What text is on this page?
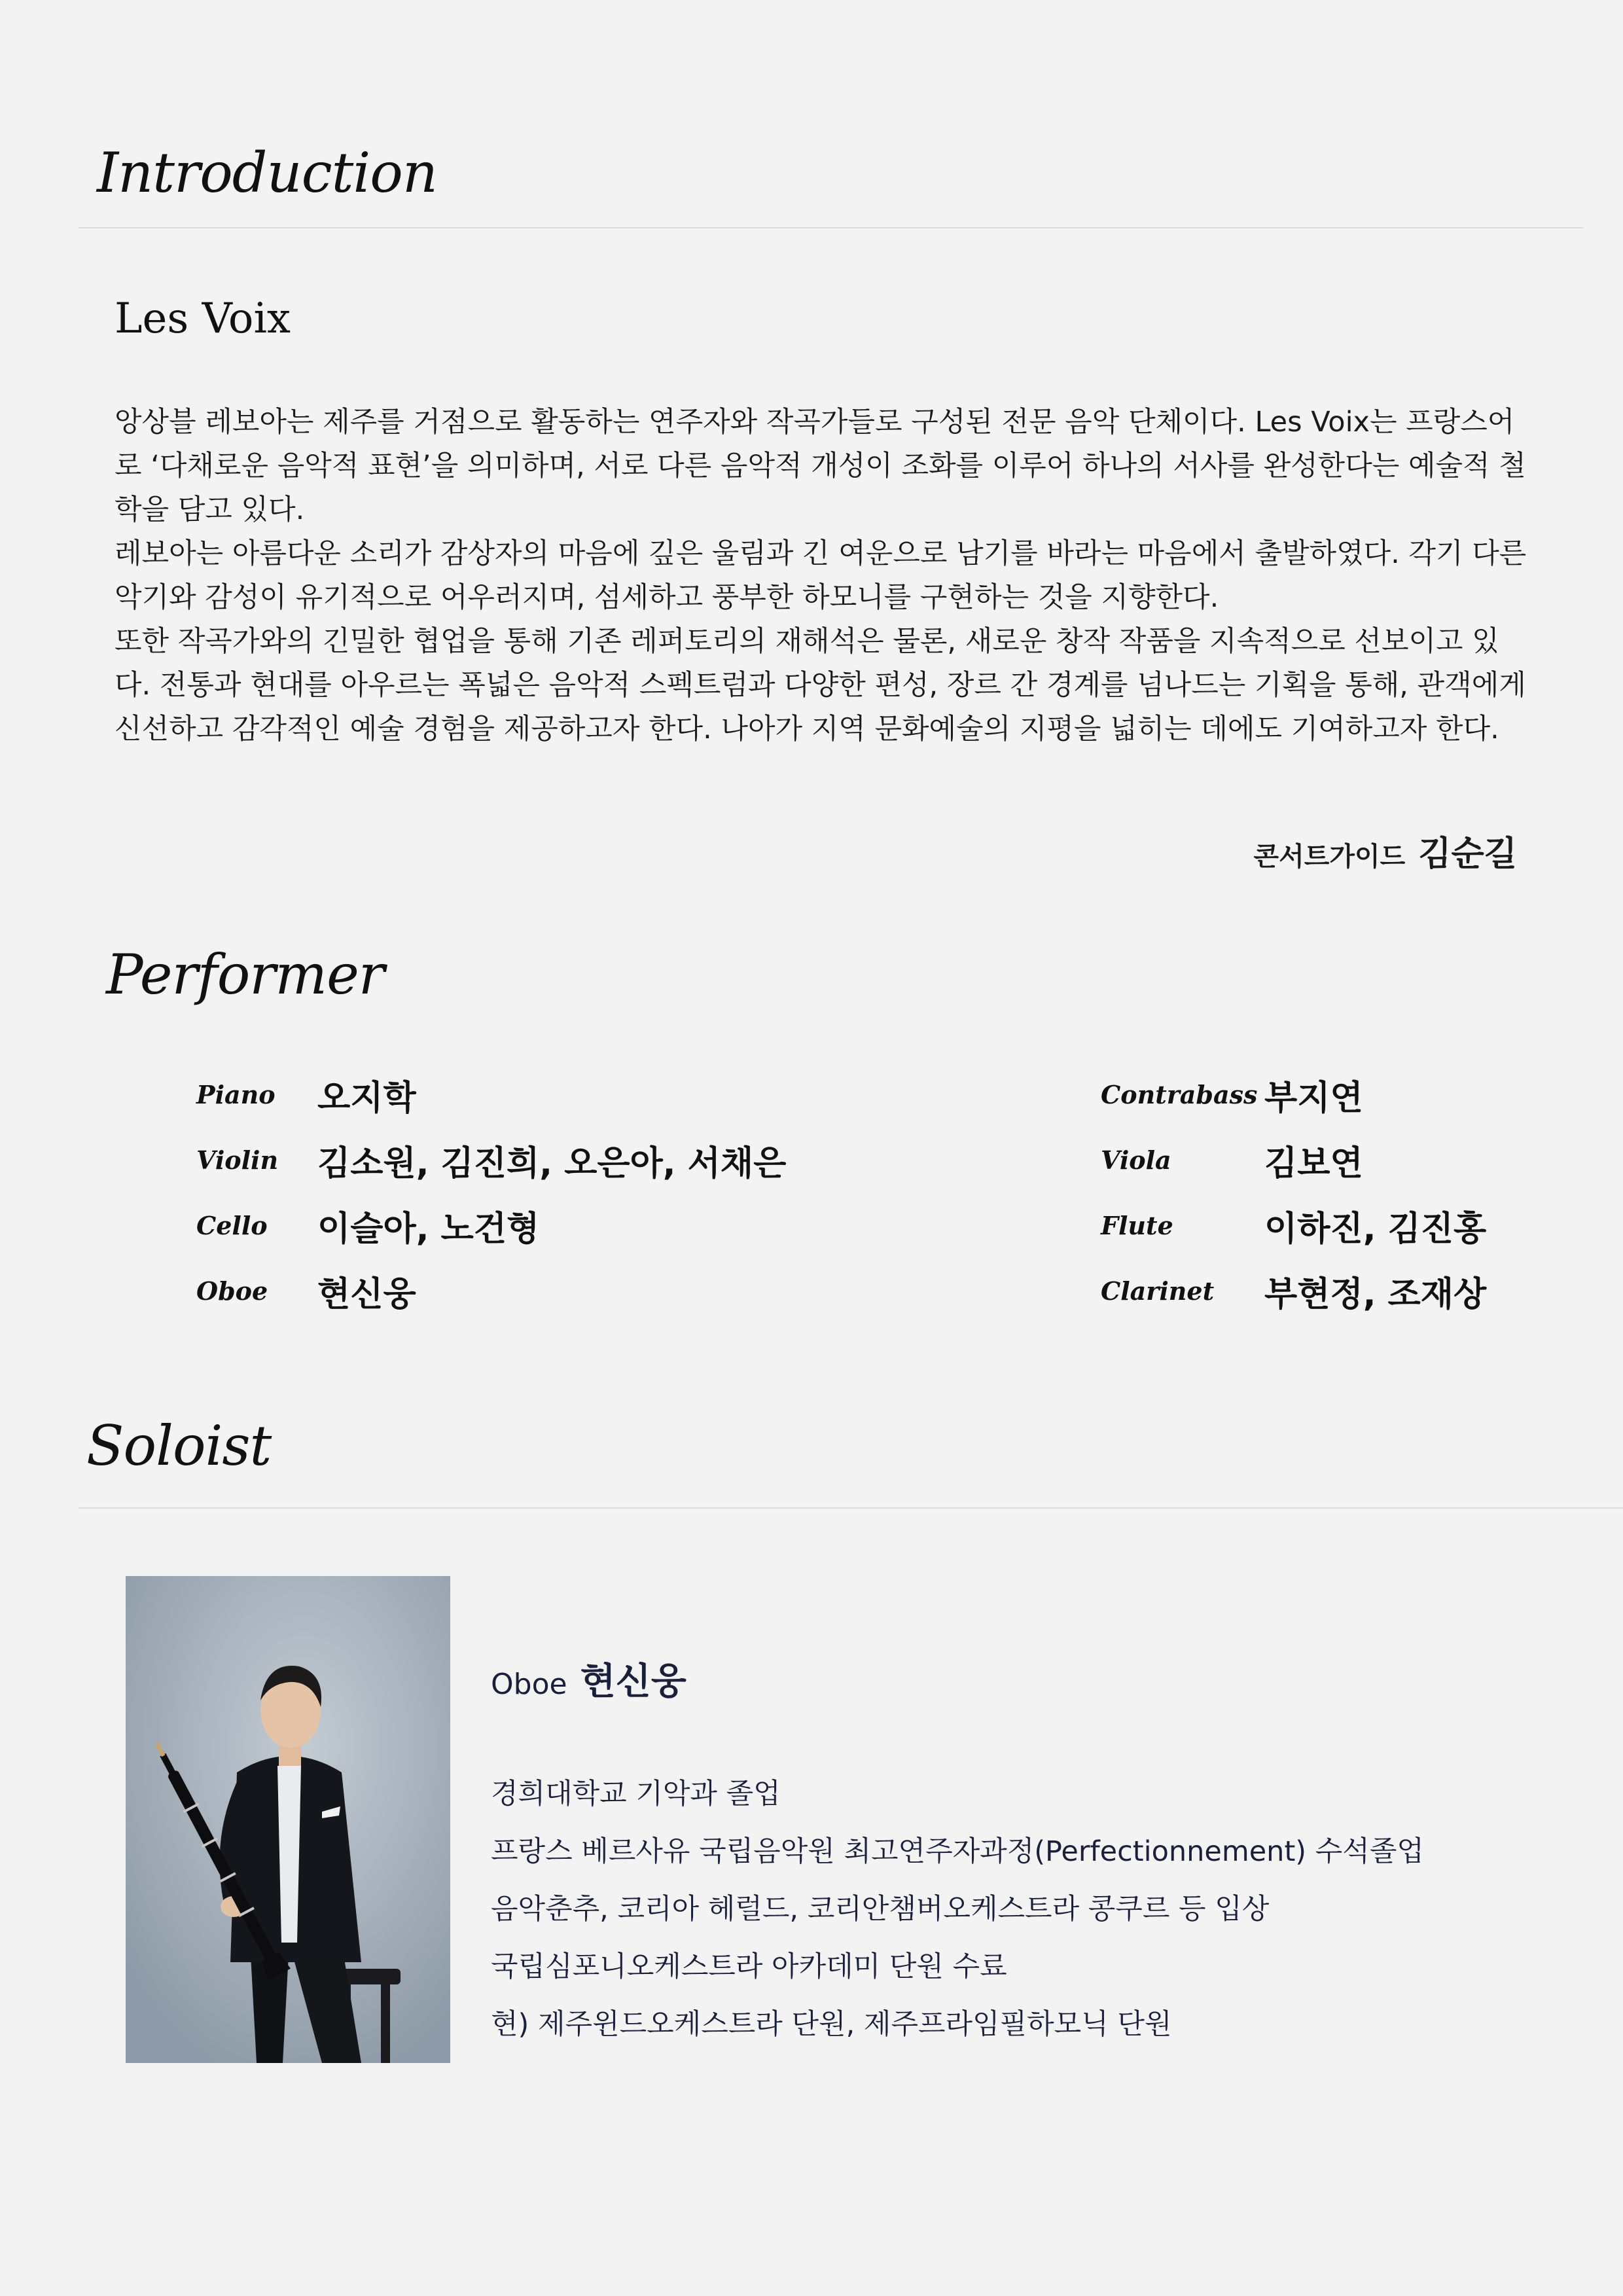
Introduction
Les Voix

앙상블 레보아는 제주를 거점으로 활동하는 연주자와 작곡가들로 구성된 전문 음악 단체이다. Les Voix는 프랑스어로 ‘다채로운 음악적 표현’을 의미하며, 서로 다른 음악적 개성이 조화를 이루어 하나의 서사를 완성한다는 예술적 철학을 담고 있다.

레보아는 아름다운 소리가 감상자의 마음에 깊은 울림과 긴 여운으로 남기를 바라는 마음에서 출발하였다. 각기 다른 악기와 감성이 유기적으로 어우러지며, 섬세하고 풍부한 하모니를 구현하는 것을 지향한다.

또한 작곡가와의 긴밀한 협업을 통해 기존 레퍼토리의 재해석은 물론, 새로운 창작 작품을 지속적으로 선보이고 있다. 전통과 현대를 아우르는 폭넓은 음악적 스펙트럼과 다양한 편성, 장르 간 경계를 넘나드는 기획을 통해, 관객에게 신선하고 감각적인 예술 경험을 제공하고자 한다. 나아가 지역 문화예술의 지평을 넓히는 데에도 기여하고자 한다.

콘서트가이드 김순길
Performer
Piano	오지학
Violin	김소원, 김진희, 오은아, 서채은
Cello	이슬아, 노건형
Oboe	현신웅
Contrabass 부지연
Viola	김보연
Flute	이하진, 김진홍
Clarinet	부현정, 조재상
Soloist
Oboe 현신웅
경희대학교 기악과 졸업
프랑스 베르사유 국립음악원 최고연주자과정(Perfectionnement) 수석졸업
음악춘추, 코리아 헤럴드, 코리안챔버오케스트라 콩쿠르 등 입상
국립심포니오케스트라 아카데미 단원 수료
현) 제주윈드오케스트라 단원, 제주프라임필하모닉 단원
